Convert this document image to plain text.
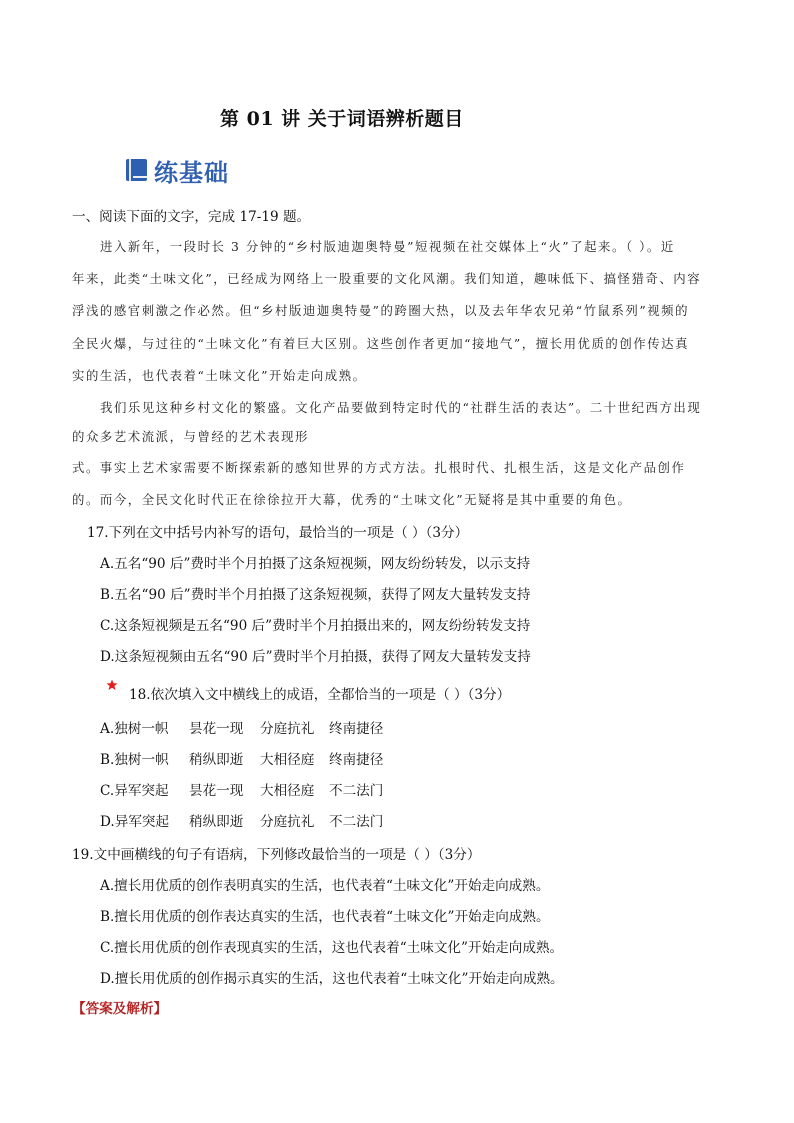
第 01 讲 关于词语辨析题目
练基础
一、阅读下面的文字，完成 17-19 题。
进入新年，一段时长 3 分钟的“乡村版迪迦奥特曼”短视频在社交媒体上“火”了起来。（ ）。近
年来，此类“土味文化”，已经成为网络上一股重要的文化风潮。我们知道，趣味低下、搞怪猎奇、内容
浮浅的感官刺激之作必然。但“乡村版迪迦奥特曼”的跨圈大热，以及去年华农兄弟“竹鼠系列”视频的
全民火爆，与过往的“土味文化”有着巨大区别。这些创作者更加“接地气”，擅长用优质的创作传达真
实的生活，也代表着“土味文化”开始走向成熟。
我们乐见这种乡村文化的繁盛。文化产品要做到特定时代的“社群生活的表达”。二十世纪西方出现
的众多艺术流派，与曾经的艺术表现形
式。事实上艺术家需要不断探索新的感知世界的方式方法。扎根时代、扎根生活，这是文化产品创作
的。而今，全民文化时代正在徐徐拉开大幕，优秀的“土味文化”无疑将是其中重要的角色。
17.下列在文中括号内补写的语句，最恰当的一项是（ ）（3分）
A.五名“90 后”费时半个月拍摄了这条短视频，网友纷纷转发，以示支持
B.五名“90 后”费时半个月拍摄了这条短视频，获得了网友大量转发支持
C.这条短视频是五名“90 后”费时半个月拍摄出来的，网友纷纷转发支持
D.这条短视频由五名“90 后”费时半个月拍摄，获得了网友大量转发支持
18.依次填入文中横线上的成语，全都恰当的一项是（ ）（3分）
A.独树一帜	昙花一现	分庭抗礼	终南捷径
B.独树一帜	稍纵即逝	大相径庭	终南捷径
C.异军突起	昙花一现	大相径庭	不二法门
D.异军突起	稍纵即逝	分庭抗礼	不二法门
19.文中画横线的句子有语病，下列修改最恰当的一项是（ ）（3分）
A.擅长用优质的创作表明真实的生活，也代表着“土味文化”开始走向成熟。
B.擅长用优质的创作表达真实的生活，也代表着“土味文化”开始走向成熟。
C.擅长用优质的创作表现真实的生活，这也代表着“土味文化”开始走向成熟。
D.擅长用优质的创作揭示真实的生活，这也代表着“土味文化”开始走向成熟。
【答案及解析】
